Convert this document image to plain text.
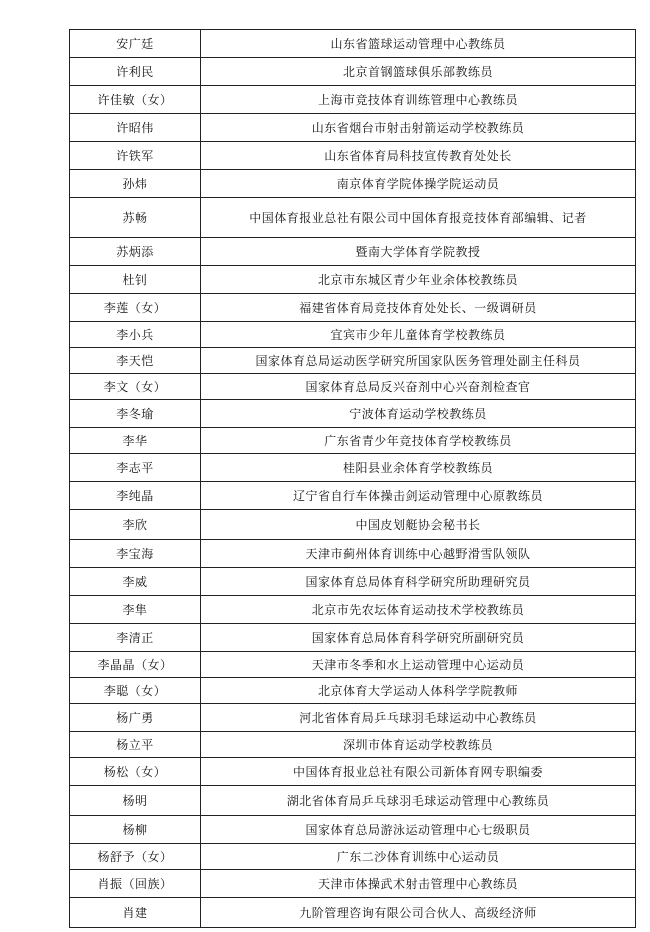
安广廷	山东省篮球运动管理中心教练员
许利民	北京首钢篮球俱乐部教练员
许佳敏（女）	上海市竞技体育训练管理中心教练员
许昭伟	山东省烟台市射击射箭运动学校教练员
许铁军	山东省体育局科技宣传教育处处长
孙炜	南京体育学院体操学院运动员
苏畅	中国体育报业总社有限公司中国体育报竞技体育部编辑、记者
苏炳添	暨南大学体育学院教授
杜钊	北京市东城区青少年业余体校教练员
李莲（女）	福建省体育局竞技体育处处长、一级调研员
李小兵	宜宾市少年儿童体育学校教练员
李天恺	国家体育总局运动医学研究所国家队医务管理处副主任科员
李文（女）	国家体育总局反兴奋剂中心兴奋剂检查官
李冬瑜	宁波体育运动学校教练员
李华	广东省青少年竞技体育学校教练员
李志平	桂阳县业余体育学校教练员
李纯晶	辽宁省自行车体操击剑运动管理中心原教练员
李欣	中国皮划艇协会秘书长
李宝海	天津市蓟州体育训练中心越野滑雪队领队
李威	国家体育总局体育科学研究所助理研究员
李隼	北京市先农坛体育运动技术学校教练员
李清正	国家体育总局体育科学研究所副研究员
李晶晶（女）	天津市冬季和水上运动管理中心运动员
李聪（女）	北京体育大学运动人体科学学院教师
杨广勇	河北省体育局乒乓球羽毛球运动中心教练员
杨立平	深圳市体育运动学校教练员
杨松（女）	中国体育报业总社有限公司新体育网专职编委
杨明	湖北省体育局乒乓球羽毛球运动管理中心教练员
杨柳	国家体育总局游泳运动管理中心七级职员
杨舒予（女）	广东二沙体育训练中心运动员
肖振（回族）	天津市体操武术射击管理中心教练员
肖建	九阶管理咨询有限公司合伙人、高级经济师
